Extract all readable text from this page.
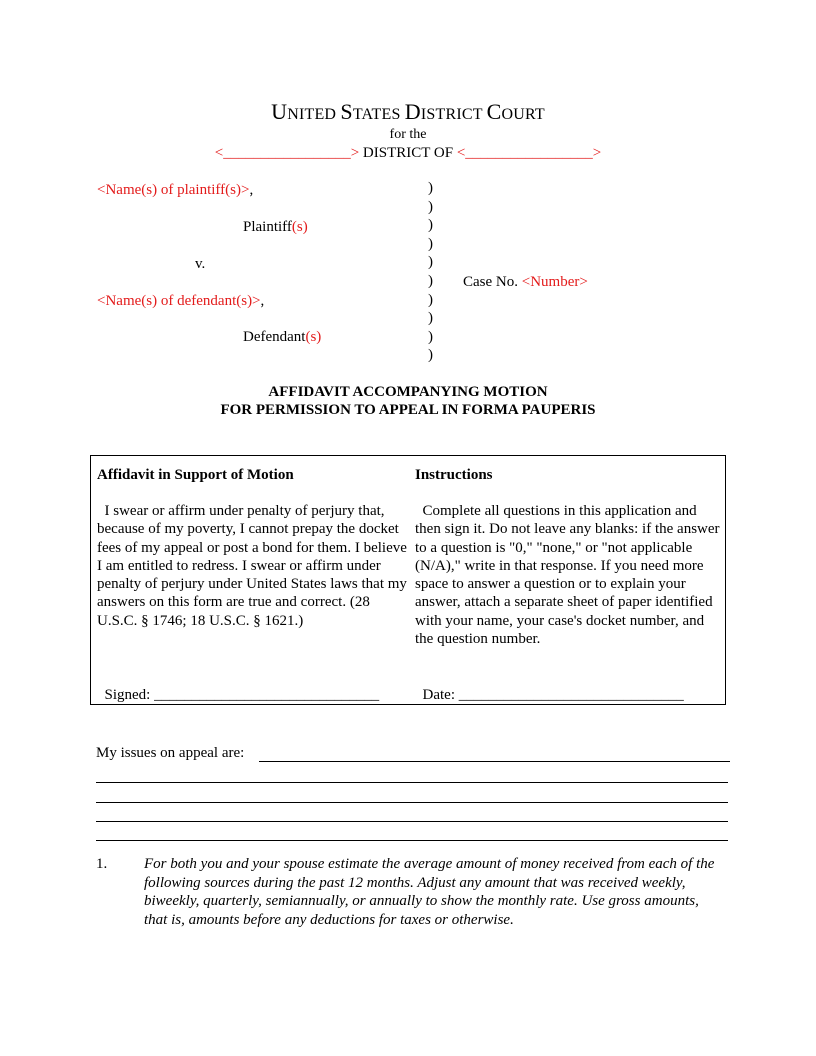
UNITED STATES DISTRICT COURT
for the
<_________________> DISTRICT OF <_________________>
<Name(s) of plaintiff(s)>,
Plaintiff(s)
v.
<Name(s) of defendant(s)>,
Defendant(s)
)
)
)
)
)
)
)
)
)
)
Case No. <Number>
AFFIDAVIT ACCOMPANYING MOTION
FOR PERMISSION TO APPEAL IN FORMA PAUPERIS
Affidavit in Support of Motion
I swear or affirm under penalty of perjury that, because of my poverty, I cannot prepay the docket fees of my appeal or post a bond for them. I believe I am entitled to redress. I swear or affirm under penalty of perjury under United States laws that my answers on this form are true and correct. (28 U.S.C. § 1746; 18 U.S.C. § 1621.)
Signed: ______________________________
Instructions
Complete all questions in this application and then sign it. Do not leave any blanks: if the answer to a question is "0," "none," or "not applicable (N/A)," write in that response. If you need more space to answer a question or to explain your answer, attach a separate sheet of paper identified with your name, your case's docket number, and the question number.
Date: ______________________________
My issues on appeal are:
1. For both you and your spouse estimate the average amount of money received from each of the following sources during the past 12 months. Adjust any amount that was received weekly, biweekly, quarterly, semiannually, or annually to show the monthly rate. Use gross amounts, that is, amounts before any deductions for taxes or otherwise.
